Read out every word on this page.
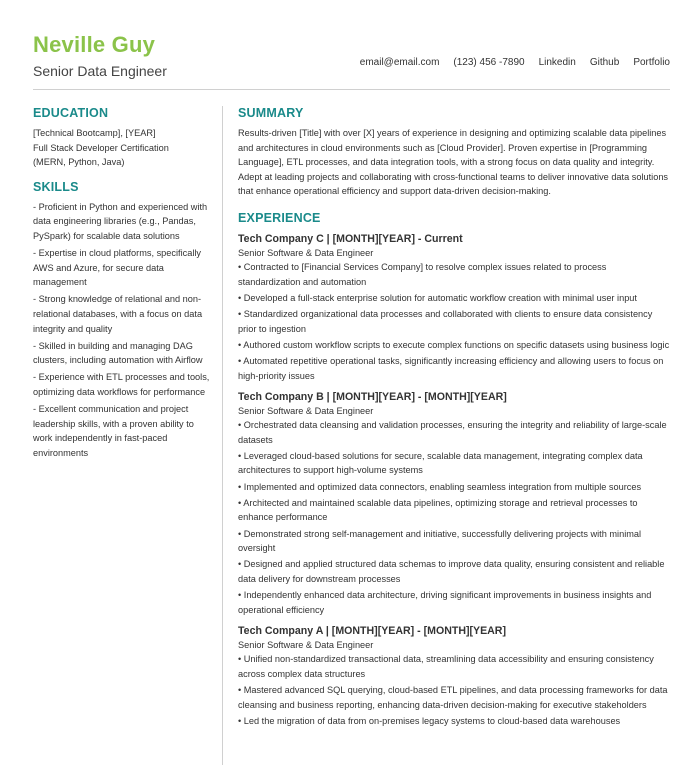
Neville Guy
Senior Data Engineer
email@email.com (123) 456 -7890 Linkedin Github Portfolio
EDUCATION
[Technical Bootcamp], [YEAR]
Full Stack Developer Certification
(MERN, Python, Java)
SKILLS
- Proficient in Python and experienced with data engineering libraries (e.g., Pandas, PySpark) for scalable data solutions
- Expertise in cloud platforms, specifically AWS and Azure, for secure data management
- Strong knowledge of relational and non-relational databases, with a focus on data integrity and quality
- Skilled in building and managing DAG clusters, including automation with Airflow
- Experience with ETL processes and tools, optimizing data workflows for performance
- Excellent communication and project leadership skills, with a proven ability to work independently in fast-paced environments
SUMMARY
Results-driven [Title] with over [X] years of experience in designing and optimizing scalable data pipelines and architectures in cloud environments such as [Cloud Provider]. Proven expertise in [Programming Language], ETL processes, and data integration tools, with a strong focus on data quality and integrity. Adept at leading projects and collaborating with cross-functional teams to deliver innovative data solutions that enhance operational efficiency and support data-driven decision-making.
EXPERIENCE
Tech Company C | [MONTH][YEAR] - Current
Senior Software & Data Engineer
• Contracted to [Financial Services Company] to resolve complex issues related to process standardization and automation
• Developed a full-stack enterprise solution for automatic workflow creation with minimal user input
• Standardized organizational data processes and collaborated with clients to ensure data consistency prior to ingestion
• Authored custom workflow scripts to execute complex functions on specific datasets using business logic
• Automated repetitive operational tasks, significantly increasing efficiency and allowing users to focus on high-priority issues
Tech Company B | [MONTH][YEAR] - [MONTH][YEAR]
Senior Software & Data Engineer
• Orchestrated data cleansing and validation processes, ensuring the integrity and reliability of large-scale datasets
• Leveraged cloud-based solutions for secure, scalable data management, integrating complex data architectures to support high-volume systems
• Implemented and optimized data connectors, enabling seamless integration from multiple sources
• Architected and maintained scalable data pipelines, optimizing storage and retrieval processes to enhance performance
• Demonstrated strong self-management and initiative, successfully delivering projects with minimal oversight
• Designed and applied structured data schemas to improve data quality, ensuring consistent and reliable data delivery for downstream processes
• Independently enhanced data architecture, driving significant improvements in business insights and operational efficiency
Tech Company A | [MONTH][YEAR] - [MONTH][YEAR]
Senior Software & Data Engineer
• Unified non-standardized transactional data, streamlining data accessibility and ensuring consistency across complex data structures
• Mastered advanced SQL querying, cloud-based ETL pipelines, and data processing frameworks for data cleansing and business reporting, enhancing data-driven decision-making for executive stakeholders
• Led the migration of data from on-premises legacy systems to cloud-based data warehouses
